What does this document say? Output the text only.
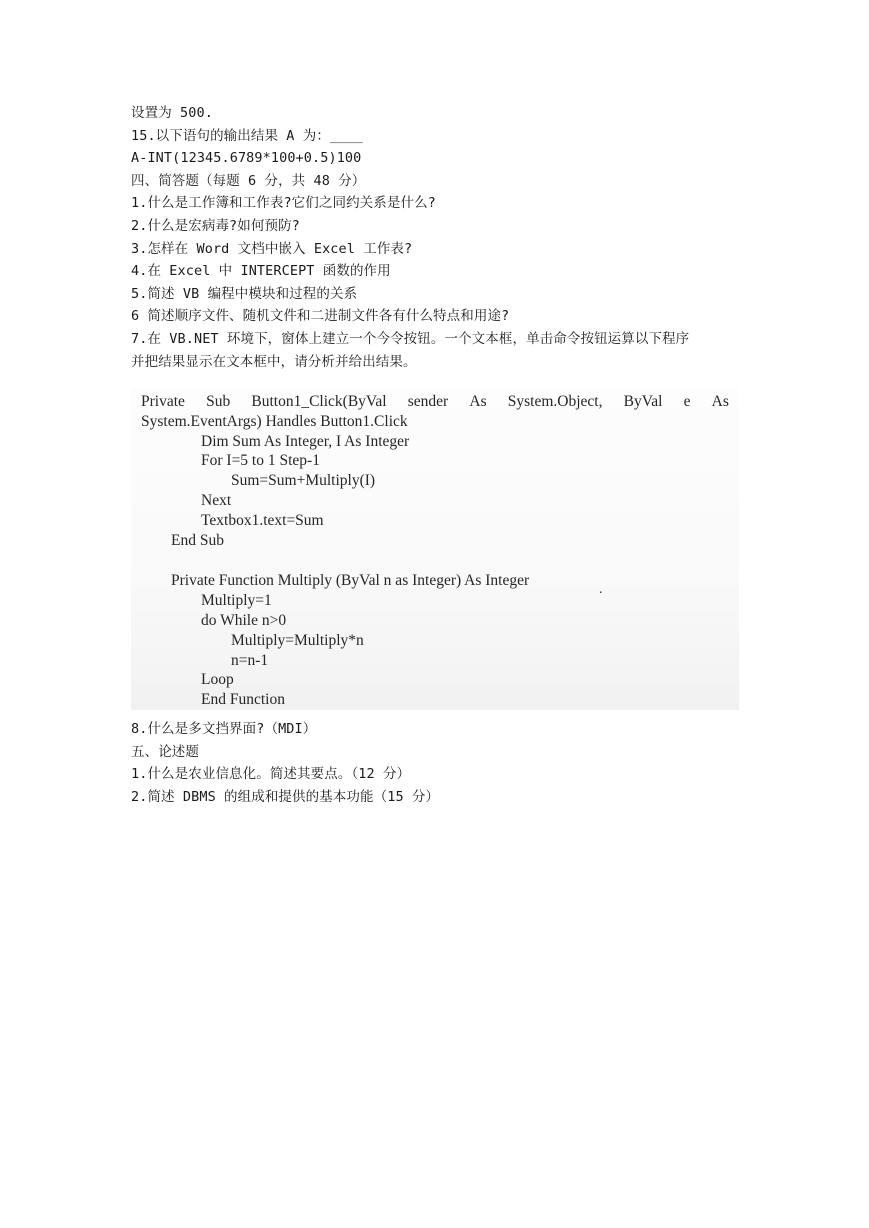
设置为 500.
15.以下语句的输出结果 A 为：____
A-INT(12345.6789*100+0.5)100
四、简答题（每题 6 分，共 48 分）
1.什么是工作簿和工作表?它们之同约关系是什么?
2.什么是宏病毒?如何预防?
3.怎样在 Word 文档中嵌入 Excel 工作表?
4.在 Excel 中 INTERCEPT 函数的作用
5.简述 VB 编程中模块和过程的关系
6 简述顺序文件、随机文件和二进制文件各有什么特点和用途?
7.在 VB.NET 环境下，窗体上建立一个今令按钮。一个文本框，单击命令按钮运算以下程序
并把结果显示在文本框中，请分析并给出结果。
Private Sub Button1_Click(ByVal sender As System.Object, ByVal e As
System.EventArgs) Handles Button1.Click
Dim Sum As Integer, I As Integer
For I=5 to 1 Step-1
Sum=Sum+Multiply(I)
Next
Textbox1.text=Sum
End Sub
Private Function Multiply (ByVal n as Integer) As Integer
Multiply=1
do While n>0
Multiply=Multiply*n
n=n-1
Loop
End Function
.
8.什么是多文挡界面?（MDI）
五、论述题
1.什么是农业信息化。简述其要点。（12 分）
2.简述 DBMS 的组成和提供的基本功能（15 分）
